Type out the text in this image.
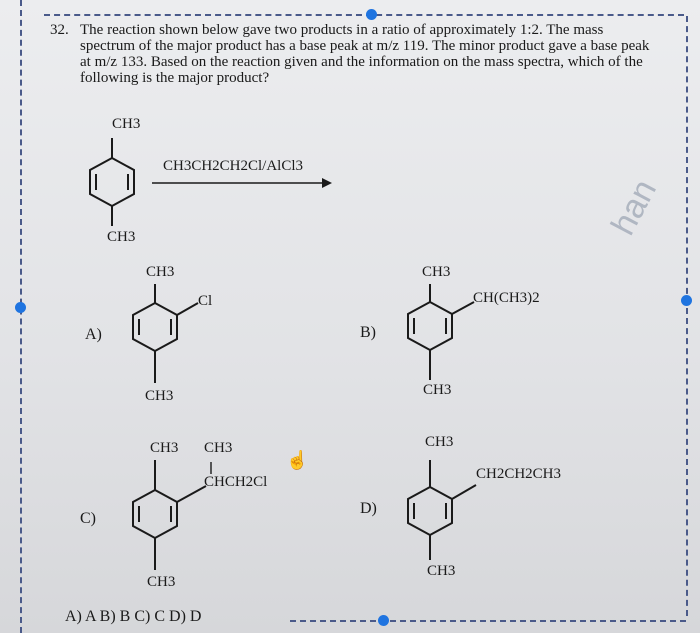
32. The reaction shown below gave two products in a ratio of approximately 1:2. The mass spectrum of the major product has a base peak at m/z 119. The minor product gave a base peak at m/z 133. Based on the reaction given and the information on the mass spectra, which of the following is the major product?
CH3
CH3
CH3CH2CH2Cl/AlCl3
A)
CH3
Cl
CH3
B)
CH3
CH(CH3)2
CH3
C)
CH3 CH3
CHCH2Cl
CH3
D)
CH3
CH2CH2CH3
CH3
A) A B) B C) C D) D
han
☝
